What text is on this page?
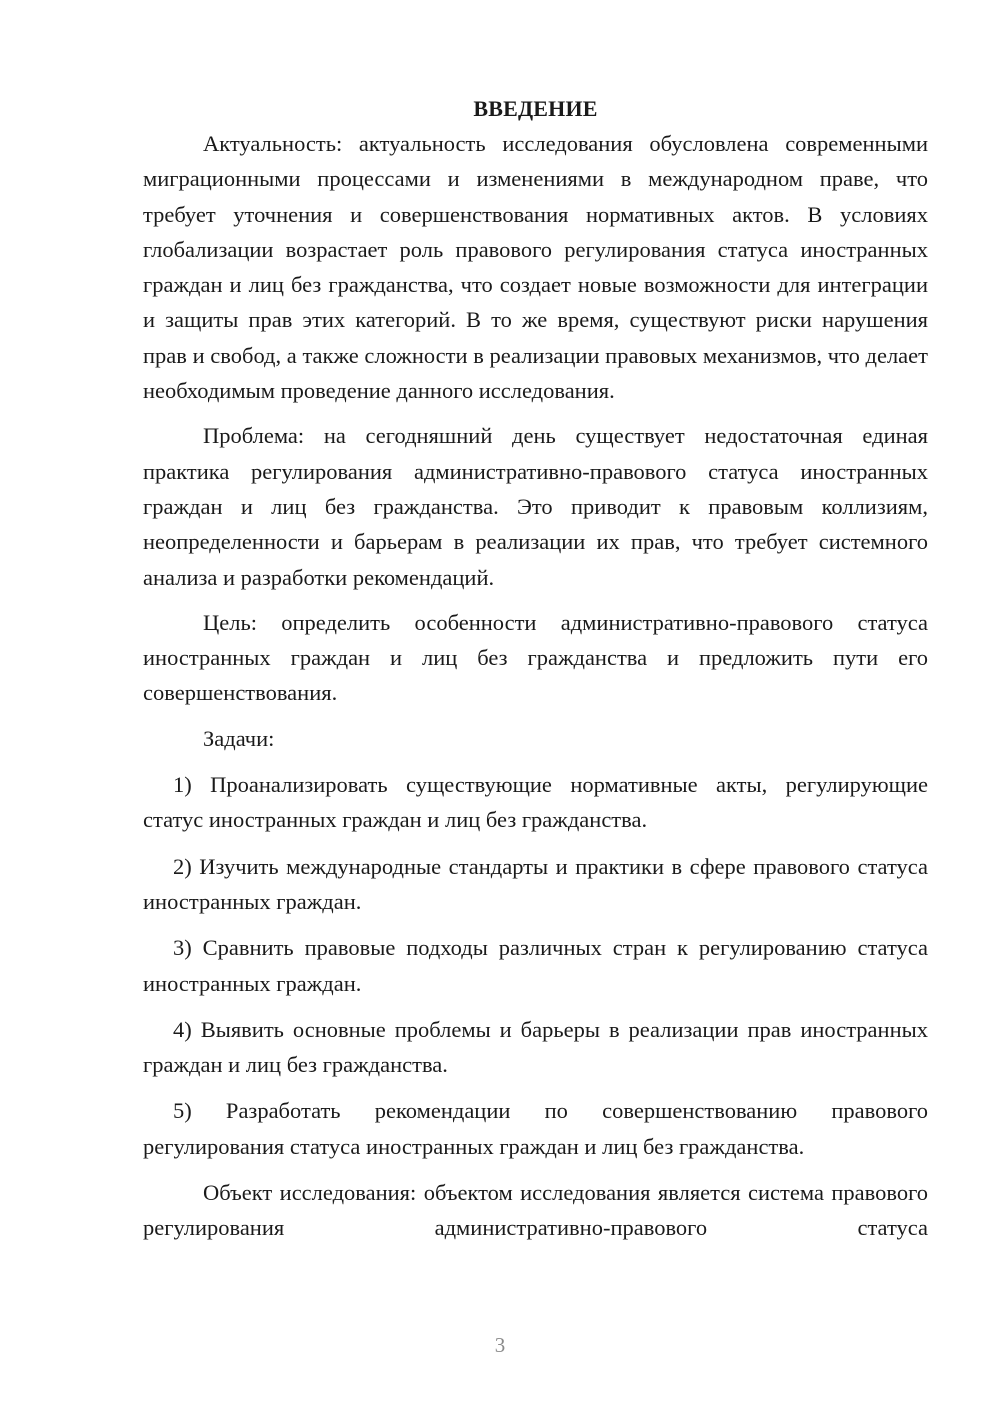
ВВЕДЕНИЕ

Актуальность: актуальность исследования обусловлена современными миграционными процессами и изменениями в международном праве, что требует уточнения и совершенствования нормативных актов. В условиях глобализации возрастает роль правового регулирования статуса иностранных граждан и лиц без гражданства, что создает новые возможности для интеграции и защиты прав этих категорий. В то же время, существуют риски нарушения прав и свобод, а также сложности в реализации правовых механизмов, что делает необходимым проведение данного исследования.

Проблема: на сегодняшний день существует недостаточная единая практика регулирования административно-правового статуса иностранных граждан и лиц без гражданства. Это приводит к правовым коллизиям, неопределенности и барьерам в реализации их прав, что требует системного анализа и разработки рекомендаций.

Цель: определить особенности административно-правового статуса иностранных граждан и лиц без гражданства и предложить пути его совершенствования.

Задачи:

1) Проанализировать существующие нормативные акты, регулирующие статус иностранных граждан и лиц без гражданства.

2) Изучить международные стандарты и практики в сфере правового статуса иностранных граждан.

3) Сравнить правовые подходы различных стран к регулированию статуса иностранных граждан.

4) Выявить основные проблемы и барьеры в реализации прав иностранных граждан и лиц без гражданства.

5) Разработать рекомендации по совершенствованию правового регулирования статуса иностранных граждан и лиц без гражданства.

Объект исследования: объектом исследования является система правового регулирования административно-правового статуса

3
